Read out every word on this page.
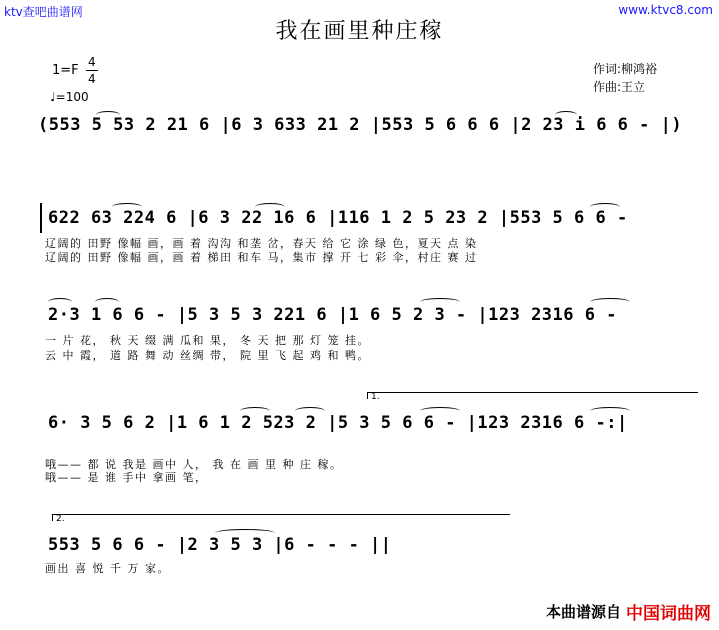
ktv查吧曲谱网	www.ktvc8.com
我在画里种庄稼
1=F
4
4
♩=100
作词:柳鸿裕
作曲:王立
(553 5 53 2 21 6 |6 3 633 21 2 |553 5 6 6 6 |2 23 i 6 6 - |)
622 63 224 6 |6 3 22 16 6 |116 1 2 5 23 2 |553 5 6 6 -
辽阔的 田野 像幅 画，画 着 沟沟 和垄 岔，春天 给 它 涂 绿 色，夏天 点 染
辽阔的 田野 像幅 画，画 着 梯田 和车 马，集市 撑 开 七 彩 伞，村庄 赛 过
2·3 1 6 6 - |5 3 5 3 221 6 |1 6 5 2 3 - |123 2316 6 -
一 片 花， 秋 天 缀 满 瓜和 果， 冬 天 把 那 灯 笼 挂。
云 中 霞， 道 路 舞 动 丝绸 带， 院 里 飞 起 鸡 和 鸭。
1.
6· 3 5 6 2 |1 6 1 2 523 2 |5 3 5 6 6 - |123 2316 6 -:|
哦—— 都 说 我是 画中 人， 我 在 画 里 种 庄 稼。
哦—— 是 谁 手中 拿画 笔，
2.
553 5 6 6 - |2 3 5 3 |6 - - - ||
画出 喜 悦 千 万 家。
本曲谱源自 中国词曲网
